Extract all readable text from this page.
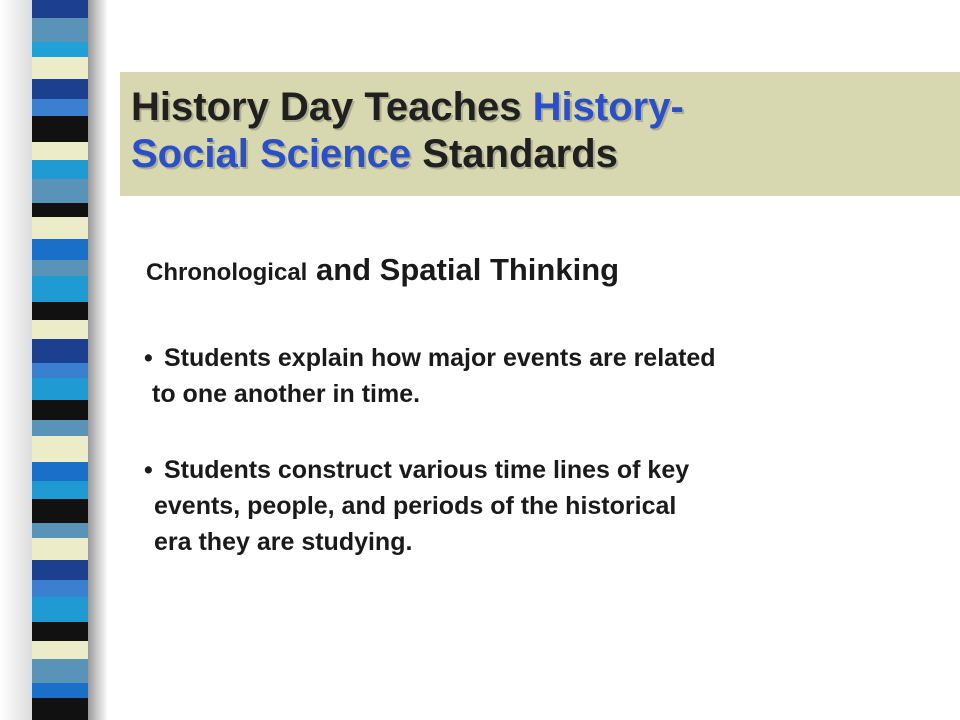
History Day Teaches History-
Social Science Standards

Chronological and Spatial Thinking

• Students explain how major events are related
to one another in time.
• Students construct various time lines of key
events, people, and periods of the historical
era they are studying.
